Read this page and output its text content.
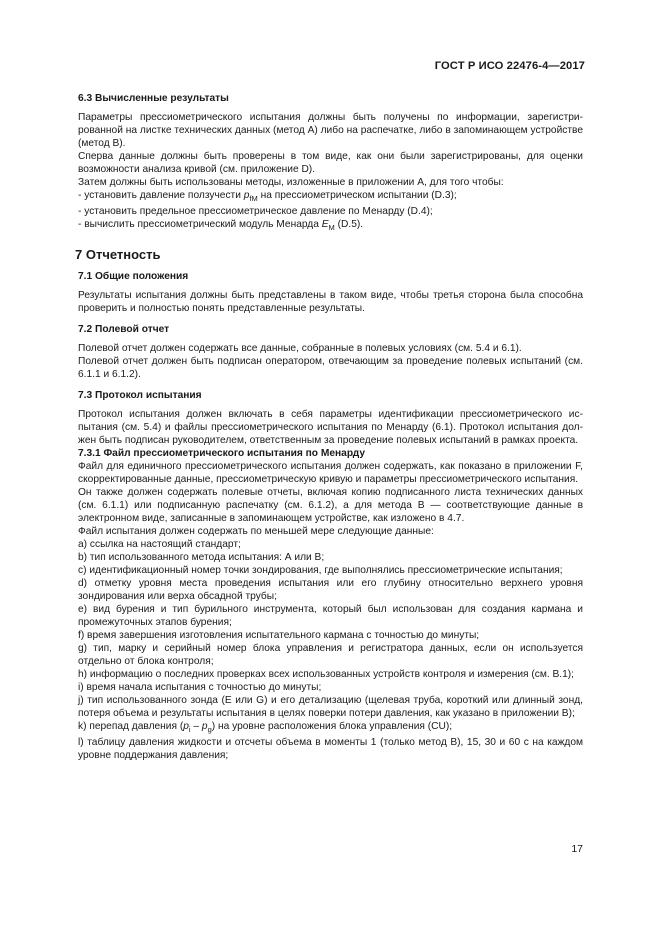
ГОСТ Р ИСО 22476-4—2017

6.3 Вычисленные результаты

Параметры прессиометрического испытания должны быть получены по информации, зарегистрированной на листке технических данных (метод А) либо на распечатке, либо в запоминающем устройстве (метод В).

Сперва данные должны быть проверены в том виде, как они были зарегистрированы, для оценки возможности анализа кривой (см. приложение D).

Затем должны быть использованы методы, изложенные в приложении А, для того чтобы:

- установить давление ползучести $p_{fM}$ на прессиометрическом испытании (D.3);
- установить предельное прессиометрическое давление по Менарду (D.4);
- вычислить прессиометрический модуль Менарда $E_M$ (D.5).

7 Отчетность

7.1 Общие положения

Результаты испытания должны быть представлены в таком виде, чтобы третья сторона была способна проверить и полностью понять представленные результаты.

7.2 Полевой отчет

Полевой отчет должен содержать все данные, собранные в полевых условиях (см. 5.4 и 6.1).

Полевой отчет должен быть подписан оператором, отвечающим за проведение полевых испытаний (см. 6.1.1 и 6.1.2).

7.3 Протокол испытания

Протокол испытания должен включать в себя параметры идентификации прессиометрического испытания (см. 5.4) и файлы прессиометрического испытания по Менарду (6.1). Протокол испытания должен быть подписан руководителем, ответственным за проведение полевых испытаний в рамках проекта.

7.3.1 Файл прессиометрического испытания по Менарду

Файл для единичного прессиометрического испытания должен содержать, как показано в приложении F, скорректированные данные, прессиометрическую кривую и параметры прессиометрического испытания.

Он также должен содержать полевые отчеты, включая копию подписанного листа технических данных (см. 6.1.1) или подписанную распечатку (см. 6.1.2), а для метода В — соответствующие данные в электронном виде, записанные в запоминающем устройстве, как изложено в 4.7.

Файл испытания должен содержать по меньшей мере следующие данные:

a) ссылка на настоящий стандарт;

b) тип использованного метода испытания: А или В;

c) идентификационный номер точки зондирования, где выполнялись прессиометрические испытания;

d) отметку уровня места проведения испытания или его глубину относительно верхнего уровня зондирования или верха обсадной трубы;

e) вид бурения и тип бурильного инструмента, который был использован для создания кармана и промежуточных этапов бурения;

f) время завершения изготовления испытательного кармана с точностью до минуты;

g) тип, марку и серийный номер блока управления и регистратора данных, если он используется отдельно от блока контроля;

h) информацию о последних проверках всех использованных устройств контроля и измерения (см. В.1);

i) время начала испытания с точностью до минуты;

j) тип использованного зонда (E или G) и его детализацию (щелевая труба, короткий или длинный зонд, потеря объема и результаты испытания в целях поверки потери давления, как указано в приложении В);

k) перепад давления $(p_i - p_g)$ на уровне расположения блока управления (CU);

l) таблицу давления жидкости и отсчеты объема в моменты 1 (только метод В), 15, 30 и 60 с на каждом уровне поддержания давления;

17
